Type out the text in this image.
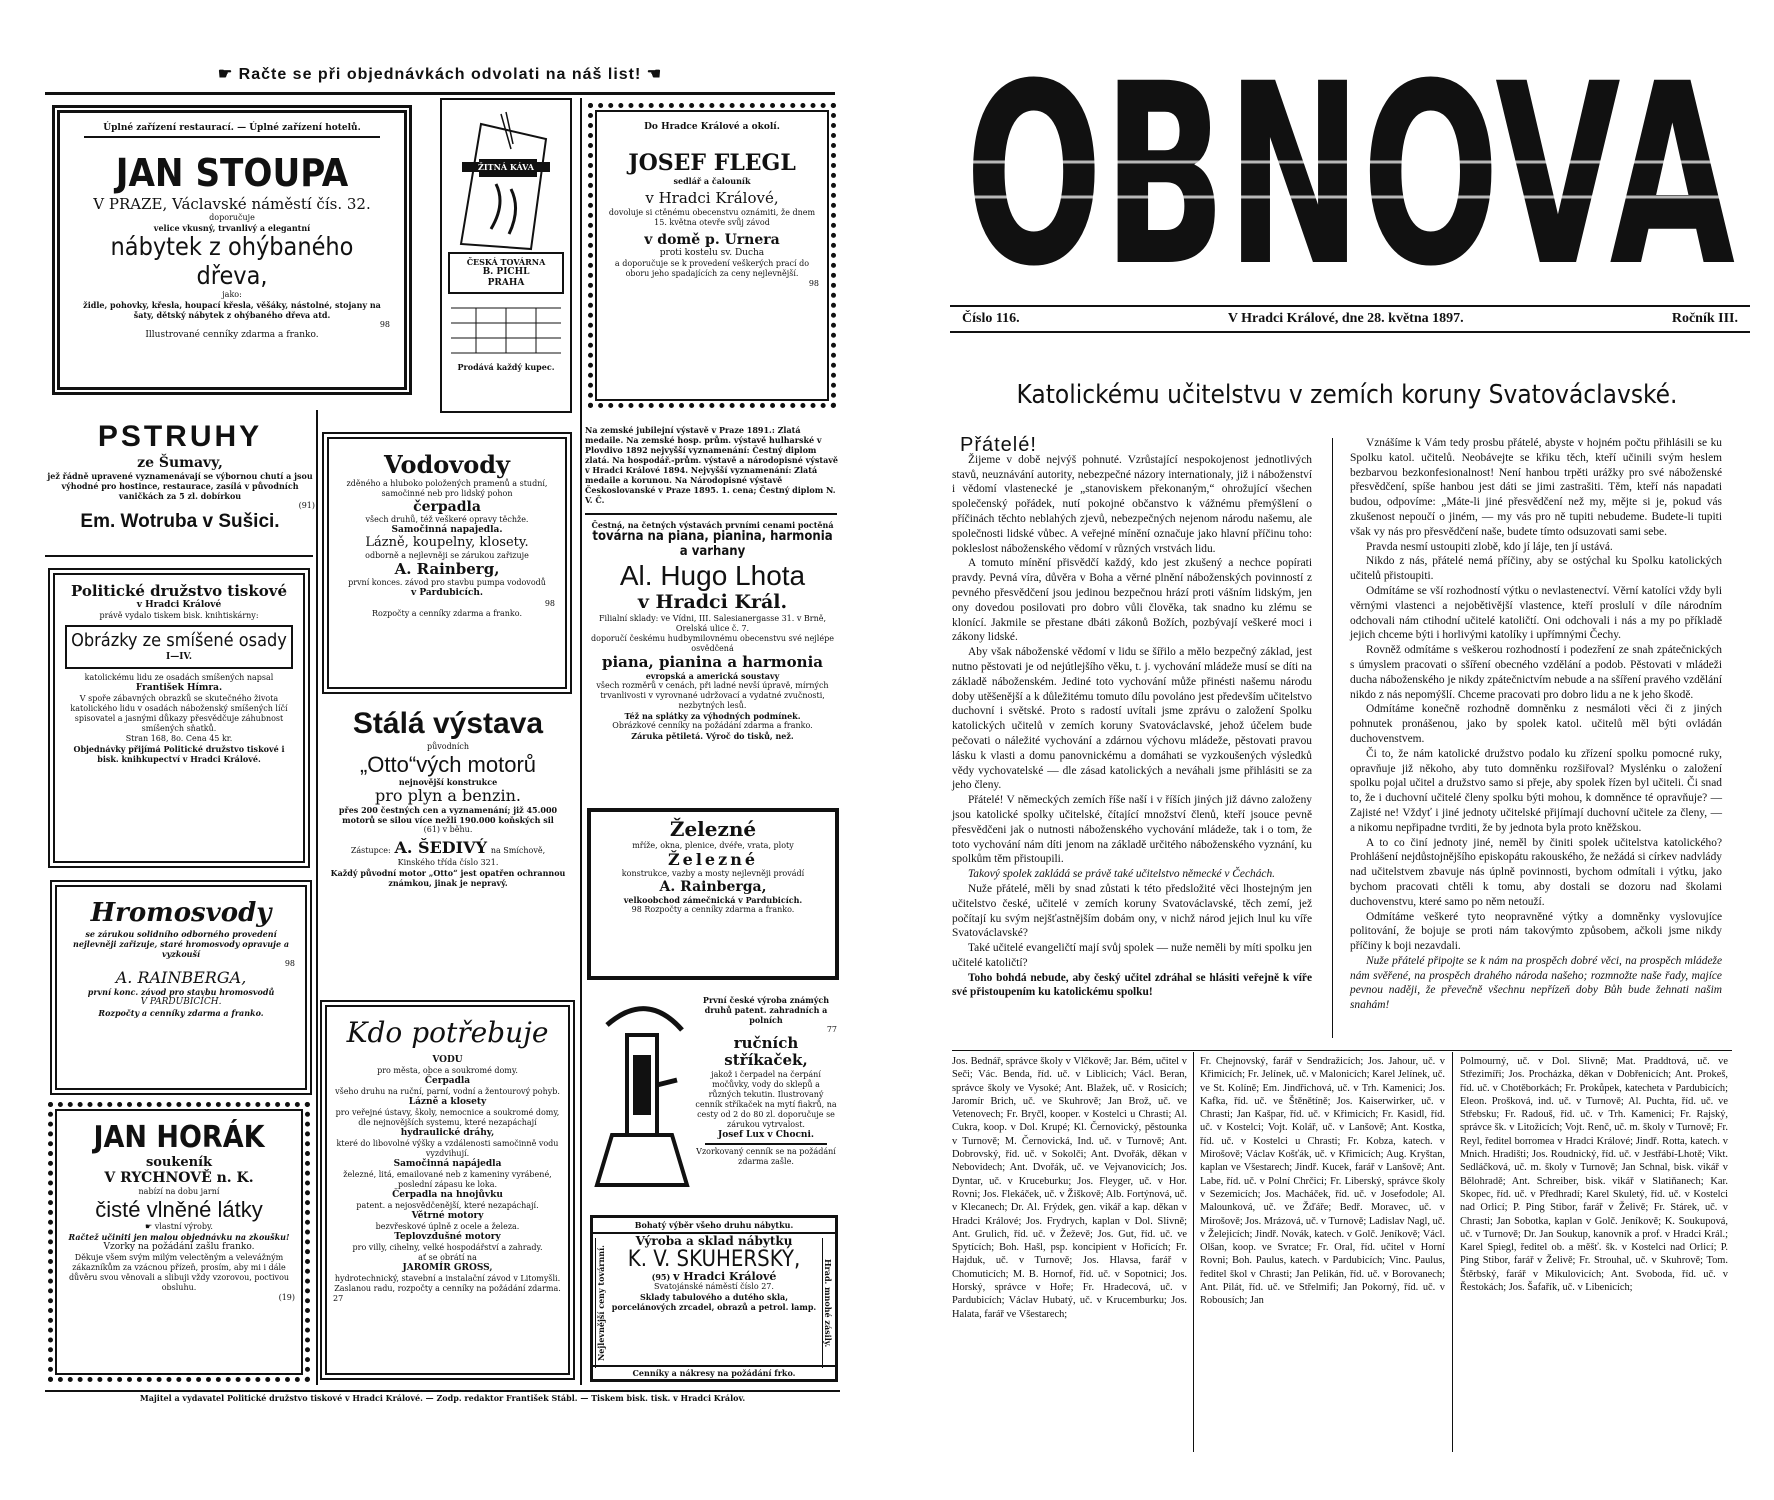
☛ Račte se při objednávkách odvolati na náš list! ☚
Úplné zařízení restaurací. — Úplné zařízení hotelů.
JAN STOUPA
V PRAZE, Václavské náměstí čís. 32.
doporučuje
velice vkusný, trvanlivý a elegantní
nábytek z ohýbaného dřeva,
jako:
židle, pohovky, křesla, houpací křesla, věšáky, nástolné, stojany na šaty, dětský nábytek z ohýbaného dřeva atd.
98
Illustrované cenníky zdarma a franko.
ŽITNÁ KÁVA
ČESKÁ TOVÁRNA
B. PICHL
PRAHA
Prodává každý kupec.
Do Hradce Králové a okolí.
JOSEF FLEGL
sedlář a čalouník
v Hradci Králové,
dovoluje si ctěnému obecenstvu oznámiti, že dnem 15. května otevře svůj závod
v domě p. Urnera
proti kostelu sv. Ducha
a doporučuje se k provedení veškerých prací do oboru jeho spadajících za ceny nejlevnější.
98
PSTRUHY
ze Šumavy,
jež řádně upravené vyznamenávají se výbornou chutí a jsou výhodné pro hostince, restaurace, zasílá v původních vaničkách za 5 zl. dobírkou
(91)
Em. Wotruba v Sušici.
Vodovody
zděného a hluboko položených pramenů a studní, samočinné neb pro lidský pohon
čerpadla
všech druhů, též veškeré opravy těchže.
Samočinná napajedla.
Lázně, koupelny, klosety.
odborně a nejlevněji se zárukou zařizuje
A. Rainberg,
první konces. závod pro stavbu pumpa vodovodů
v Pardubicích.
98
Rozpočty a cenníky zdarma a franko.
Na zemské jubilejní výstavě v Praze 1891.: Zlatá medaile. Na zemské hosp. prům. výstavě hulharské v Plovdivo 1892 nejvyšší vyznamenání: Čestný diplom zlatá. Na hospodář.-prům. výstavě a národopisné výstavě v Hradci Králové 1894. Nejvyšší vyznamenání: Zlatá medaile a korunou. Na Národopisné výstavě Českoslovanské v Praze 1895. 1. cena; Čestný diplom N. V. Č.
Čestná, na četných výstavách prvními cenami poctěná
továrna na piana, pianina, harmonia a varhany
Al. Hugo Lhota
v Hradci Král.
Filialní sklady: ve Vídni, III. Salesianergasse 31. v Brně, Orelská ulice č. 7.
doporučí českému hudbymilovnému obecenstvu své nejlépe osvědčená
piana, pianina a harmonia
evropská a americká soustavy
všech rozměrů v cenách, při ladné nevší úpravě, mírných trvanlivosti v vyrovnané udržovací a vydatné zvučnosti, nezbytných lesů.
Též na splátky za výhodných podmínek.
Obrázkové cenníky na požádání zdarma a franko.
Záruka pětiletá. Výroč do tisků, než.
Politické družstvo tiskové
v Hradci Králové
právě vydalo tiskem bisk. knihtiskárny:
Obrázky ze smíšené osady
I—IV.
katolickému lidu ze osadách smíšených napsal
František Hímra.
V spoře zábavných obrazků se skutečného života katolického lidu v osadách náboženský smíšených líčí spisovatel a jasnými důkazy přesvědčuje záhubnost smíšených sňatků.
Stran 168, 8o. Cena 45 kr.
Objednávky přijímá Politické družstvo tiskové i bisk. knihkupectví v Hradci Králové.
Stálá výstava
původních
„Otto“vých motorů
nejnovější konstrukce
pro plyn a benzin.
přes 200 čestných cen a vyznamenání; již 45.000 motorů se silou více nežli 190.000 koňských sil
(61) v běhu.
Zástupce: A. ŠEDIVÝ na Smíchově,
Kinského třída číslo 321.
Každý původní motor „Otto“ jest opatřen ochrannou známkou, jinak je nepravý.
Železné
mříže, okna, plenice, dvéře, vrata, ploty
Železné
konstrukce, vazby a mosty nejlevněji provádí
A. Rainberga,
velkoobchod zámečnická v Pardubicích.
98 Rozpočty a cenníky zdarma a franko.
Hromosvody
se zárukou solidního odborného provedení nejlevněji zařizuje, staré hromosvody opravuje a vyzkouší
98
A. RAINBERGA,
první konc. závod pro stavbu hromosvodů
V PARDUBICÍCH.
Rozpočty a cenníky zdarma a franko.
Kdo potřebuje
VODU
pro města, obce a soukromé domy.
Čerpadla
všeho druhu na ruční, parní, vodní a žentourový pohyb.
Lázně a klosety
pro veřejné ústavy, školy, nemocnice a soukromé domy, dle nejnovějších systemu, které nezapáchají
hydraulické dráhy,
které do libovolné výšky a vzdálenosti samočinně vodu vyzdvihují.
Samočinná napájedla
železné, litá, emailované neb z kameniny vyrábené, poslední zápasu ke loka.
Čerpadla na hnojůvku
patent. a nejosvědčenější, které nezapáchají.
Větrné motory
bezvřeskové úplně z ocele a železa.
Teplovzdušné motory
pro villy, cihelny, velké hospodářství a zahrady.
ať se obrátí na
JAROMÍR GROSS,
hydrotechnický, stavební a instalační závod v Litomyšli.
Zaslanou radu, rozpočty a cenníky na požádání zdarma.
27
První české výroba známých druhů patent. zahradních a polních
77
ručních stříkaček,
jakož i čerpadel na čerpání močůvky, vody do sklepů a různých tekutin. Ilustrovaný cenník stříkaček na mytí fiakrů, na cesty od 2 do 80 zl. doporučuje se zárukou vytrvalost.
Josef Lux v Chocni.
Vzorkovaný cenník se na požádání zdarma zašle.
JAN HORÁK
soukeník
V RYCHNOVĚ n. K.
nabízí na dobu jarní
čisté vlněné látky
☛ vlastní výroby.
Račtež učiniti jen malou objednávku na zkoušku!
Vzorky na požádání zašlu franko.
Děkuje všem svým milým velectěným a velevážným zákazníkům za vzácnou přízeň, prosím, aby mi i dále důvěru svou věnovali a slibuji vždy vzorovou, poctivou obsluhu.
(19)
Bohatý výběr všeho druhu nábytku.
Nejlevnější ceny továrnní.	Hrad. mnohé zásily.
Výroba a sklad nábytku
K. V. SKUHERSKÝ,
(95) v Hradci Králové
Svatojánské náměstí číslo 27.
Sklady tabulového a dutého skla, porcelánových zrcadel, obrazů a petrol. lamp.
Cenníky a nákresy na požádání frko.
Majitel a vydavatel Politické družstvo tiskové v Hradci Králové. — Zodp. redaktor František Stábl. — Tiskem bisk. tisk. v Hradci Králov.
OBNOVA
Číslo 116.	V Hradci Králové, dne 28. května 1897.	Ročník III.
Katolickému učitelstvu v zemích koruny Svatováclavské.

Přátelé!

Žijeme v době nejvýš pohnuté. Vzrůstající nespokojenost jednotlivých stavů, neuznávání autority, nebezpečné názory internationaly, již i náboženství i vědomí vlastenecké je „stanoviskem překonaným,“ ohrožující všechen společenský pořádek, nutí pokojné občanstvo k vážnému přemýšlení o příčinách těchto neblahých zjevů, nebezpečných nejenom národu našemu, ale společnosti lidské vůbec. A veřejné mínění označuje jako hlavní příčinu toho: pokleslost náboženského vědomí v různých vrstvách lidu.

A tomuto mínění přisvědčí každý, kdo jest zkušený a nechce popírati pravdy. Pevná víra, důvěra v Boha a věrné plnění náboženských povinností z pevného přesvědčení jsou jedinou bezpečnou hrází proti vášním lidským, jen ony dovedou posilovati pro dobro vůli člověka, tak snadno ku zlému se klonící. Jakmile se přestane dbáti zákonů Božích, pozbývají veškeré moci i zákony lidské.

Aby však náboženské vědomí v lidu se šířilo a mělo bezpečný základ, jest nutno pěstovati je od nejútlejšího věku, t. j. vychování mládeže musí se díti na základě náboženském. Jediné toto vychování může přinésti našemu národu doby utěšenější a k důležitému tomuto dílu povoláno jest především učitelstvo duchovní i světské. Proto s radostí uvítali jsme zprávu o založení Spolku katolických učitelů v zemích koruny Svatováclavské, jehož účelem bude pečovati o náležité vychování a zdárnou výchovu mládeže, pěstovati pravou lásku k vlasti a domu panovnickému a domáhati se vyzkoušených výsledků vědy vychovatelské — dle zásad katolických a neváhali jsme přihlásiti se za jeho členy.

Přátelé! V německých zemích říše naší i v říších jiných již dávno založeny jsou katolické spolky učitelské, čítající množství členů, kteří jsouce pevně přesvědčeni jak o nutnosti náboženského vychování mládeže, tak i o tom, že toto vychování nám díti jenom na základě určitého náboženského vyznání, ku spolkům těm přistoupili.

Takový spolek zakládá se právě také učitelstvo německé v Čechách.

Nuže přátelé, měli by snad zůstati k této předsložité věci lhostejným jen učitelstvo české, učitelé v zemích koruny Svatováclavské, těch zemí, jež počítají ku svým nejšťastnějším dobám ony, v nichž národ jejich lnul ku víře Svatováclavské?

Také učitelé evangeličtí mají svůj spolek — nuže neměli by míti spolku jen učitelé katoličtí?

Toho bohdá nebude, aby český učitel zdráhal se hlásiti veřejně k víře své přistoupením ku katolickému spolku!

Vznášíme k Vám tedy prosbu přátelé, abyste v hojném počtu přihlásili se ku Spolku katol. učitelů. Neobávejte se křiku těch, kteří učinili svým heslem bezbarvou bezkonfesionalnost! Není hanbou trpěti urážky pro své náboženské přesvědčení, spíše hanbou jest dáti se jimi zastrašiti. Těm, kteří nás napadati budou, odpovíme: „Máte-li jiné přesvědčení než my, mějte si je, pokud vás zkušenost nepoučí o jiném, — my vás pro ně tupiti nebudeme. Budete-li tupiti však vy nás pro přesvědčení naše, budete tímto odsuzovati sami sebe.

Pravda nesmí ustoupiti zlobě, kdo jí láje, ten jí ustává.

Nikdo z nás, přátelé nemá příčiny, aby se ostýchal ku Spolku katolických učitelů přistoupiti.

Odmítáme se vší rozhodností výtku o nevlastenectví. Věrní katolíci vždy byli věrnými vlastenci a nejobětivější vlastence, kteří proslulí v díle národním odchovali nám ctihodní učitelé katoličtí. Oni odchovali i nás a my po příkladě jejich chceme býti i horlivými katolíky i upřímnými Čechy.

Rovněž odmítáme s veškerou rozhodností i podezření ze snah zpátečnických s úmyslem pracovati o sšíření obecného vzdělání a podob. Pěstovati v mládeži ducha náboženského je nikdy zpátečnictvím nebude a na sšíření pravého vzdělání nikdo z nás nepomýšlí. Chceme pracovati pro dobro lidu a ne k jeho škodě.

Odmítáme konečně rozhodně domněnku z nesmáloti věci či z jiných pohnutek pronášenou, jako by spolek katol. učitelů měl býti ovládán duchovenstvem.

Či to, že nám katolické družstvo podalo ku zřízení spolku pomocné ruky, opravňuje již někoho, aby tuto domněnku rozšiřoval? Myslénku o založení spolku pojal učitel a družstvo samo si přeje, aby spolek řízen byl učiteli. Či snad to, že i duchovní učitelé členy spolku býti mohou, k domněnce té opravňuje? — Zajisté ne! Vždyť i jiné jednoty učitelské přijímají duchovní učitele za členy, — a nikomu nepřipadne tvrditi, že by jednota byla proto kněžskou.

A to co činí jednoty jiné, neměl by činiti spolek učitelstva katolického? Prohlášení nejdůstojnějšího episkopátu rakouského, že nežádá si církev nadvlády nad učitelstvem zbavuje nás úplně povinnosti, bychom odmítali i výtku, jako bychom pracovati chtěli k tomu, aby dostali se dozoru nad školami duchovenstvu, které samo po něm netouží.

Odmítáme veškeré tyto neopravněné výtky a domněnky vyslovujíce politování, že bojuje se proti nám takovýmto způsobem, ačkoli jsme nikdy příčiny k boji nezavdali.

Nuže přátelé připojte se k nám na prospěch dobré věci, na prospěch mládeže nám svěřené, na prospěch drahého národa našeho; rozmnožte naše řady, majíce pevnou naději, že převečně všechnu nepřízeň doby Bůh bude žehnati našim snahám!

Jos. Bednář, správce školy v Vlčkově; Jar. Bém, učitel v Seči; Vác. Benda, říd. uč. v Liblicích; Václ. Beran, správce školy ve Vysoké; Ant. Blažek, uč. v Rosicích; Jaromír Brich, uč. ve Skuhrově; Jan Brož, uč. ve Vetenovech; Fr. Bryčl, kooper. v Kostelci u Chrasti; Al. Cukra, koop. v Dol. Krupé; Kl. Černovický, pěstounka v Turnově; M. Černovická, Ind. uč. v Turnově; Ant. Dobrovský, říd. uč. v Sokolči; Ant. Dvořák, děkan v Nebovidech; Ant. Dvořák, uč. ve Vejvanovicích; Jos. Dyntar, uč. v Kruceburku; Jos. Fleyger, uč. v Hor. Rovni; Jos. Flekáček, uč. v Žiškově; Alb. Fortýnová, uč. v Klecanech; Dr. Al. Frýdek, gen. vikář a kap. děkan v Hradci Králové; Jos. Frydrych, kaplan v Dol. Slivně; Ant. Grulich, říd. uč. v Žeževě; Jos. Gut, říd. uč. ve Spytících; Boh. Hašl, psp. koncipient v Hořicích; Fr. Hajduk, uč. v Turnově; Jos. Hlavsa, farář v Chomuticích; M. B. Hornof, říd. uč. v Sopotnici; Jos. Horský, správce v Hoře; Fr. Hradecová, uč. v Pardubicích; Václav Hubatý, uč. v Krucemburku; Jos. Halata, farář ve Všestarech;
Fr. Chejnovský, farář v Sendražicích; Jos. Jahour, uč. v Křimicích; Fr. Jelínek, uč. v Malonicích; Karel Jelínek, uč. ve St. Kolíně; Em. Jindřichová, uč. v Trh. Kamenici; Jos. Kafka, říd. uč. ve Štěnětíně; Jos. Kaiserwirker, uč. v Chrasti; Jan Kašpar, říd. uč. v Křimicích; Fr. Kasidl, říd. uč. v Kostelci; Vojt. Kolář, uč. v Lanšově; Ant. Kostka, říd. uč. v Kostelci u Chrasti; Fr. Kobza, katech. v Mirošově; Václav Košťák, uč. v Křimicích; Aug. Kryštan, kaplan ve Všestarech; Jindř. Kucek, farář v Lanšově; Ant. Labe, říd. uč. v Polní Chrčici; Fr. Liberský, správce školy v Sezemicích; Jos. Macháček, říd. uč. v Josefodole; Al. Malounková, uč. ve Žďáře; Bedř. Moravec, uč. v Mirošově; Jos. Mrázová, uč. v Turnově; Ladislav Nagl, uč. v Želejicích; Jindř. Novák, katech. v Golč. Jeníkově; Václ. Olšan, koop. ve Svratce; Fr. Oral, říd. učitel v Horní Rovni; Boh. Paulus, katech. v Pardubicích; Vinc. Paulus, ředitel škol v Chrasti; Jan Pelikán, říd. uč. v Borovanech; Ant. Pilát, říd. uč. ve Střelmifi; Jan Pokorný, říd. uč. v Robousích; Jan
Polmourný, uč. v Dol. Slivně; Mat. Praddtová, uč. ve Střezimíři; Jos. Procházka, děkan v Dobřenicích; Ant. Prokeš, říd. uč. v Chotěborkách; Fr. Prokůpek, katecheta v Pardubicích; Eleon. Prošková, ind. uč. v Turnově; Al. Puchta, říd. uč. ve Střebsku; Fr. Radouš, říd. uč. v Trh. Kamenici; Fr. Rajský, správce šk. v Litožicích; Vojt. Renč, uč. m. školy v Turnově; Fr. Reyl, ředitel borromea v Hradci Králové; Jindř. Rotta, katech. v Mnich. Hradišti; Jos. Roudnický, říd. uč. v Jestřábí-Lhotě; Vikt. Sedláčková, uč. m. školy v Turnově; Jan Schnal, bisk. vikář v Bělohradě; Ant. Schreiber, bisk. vikář v Slatiňanech; Kar. Skopec, říd. uč. v Předhradí; Karel Skuletý, říd. uč. v Kostelci nad Orlicí; P. Ping Stibor, farář v Želivě; Fr. Stárek, uč. v Chrasti; Jan Sobotka, kaplan v Golč. Jeníkově; K. Soukupová, uč. v Turnově; Dr. Jan Soukup, kanovník a prof. v Hradci Král.; Karel Spiegl, ředitel ob. a měšť. šk. v Kostelci nad Orlicí; P. Ping Stibor, farář v Želivě; Fr. Strouhal, uč. v Skuhrově; Tom. Štěrbský, farář v Mikulovicích; Ant. Svoboda, říd. uč. v Řestokách; Jos. Šafařík, uč. v Libenicích;
